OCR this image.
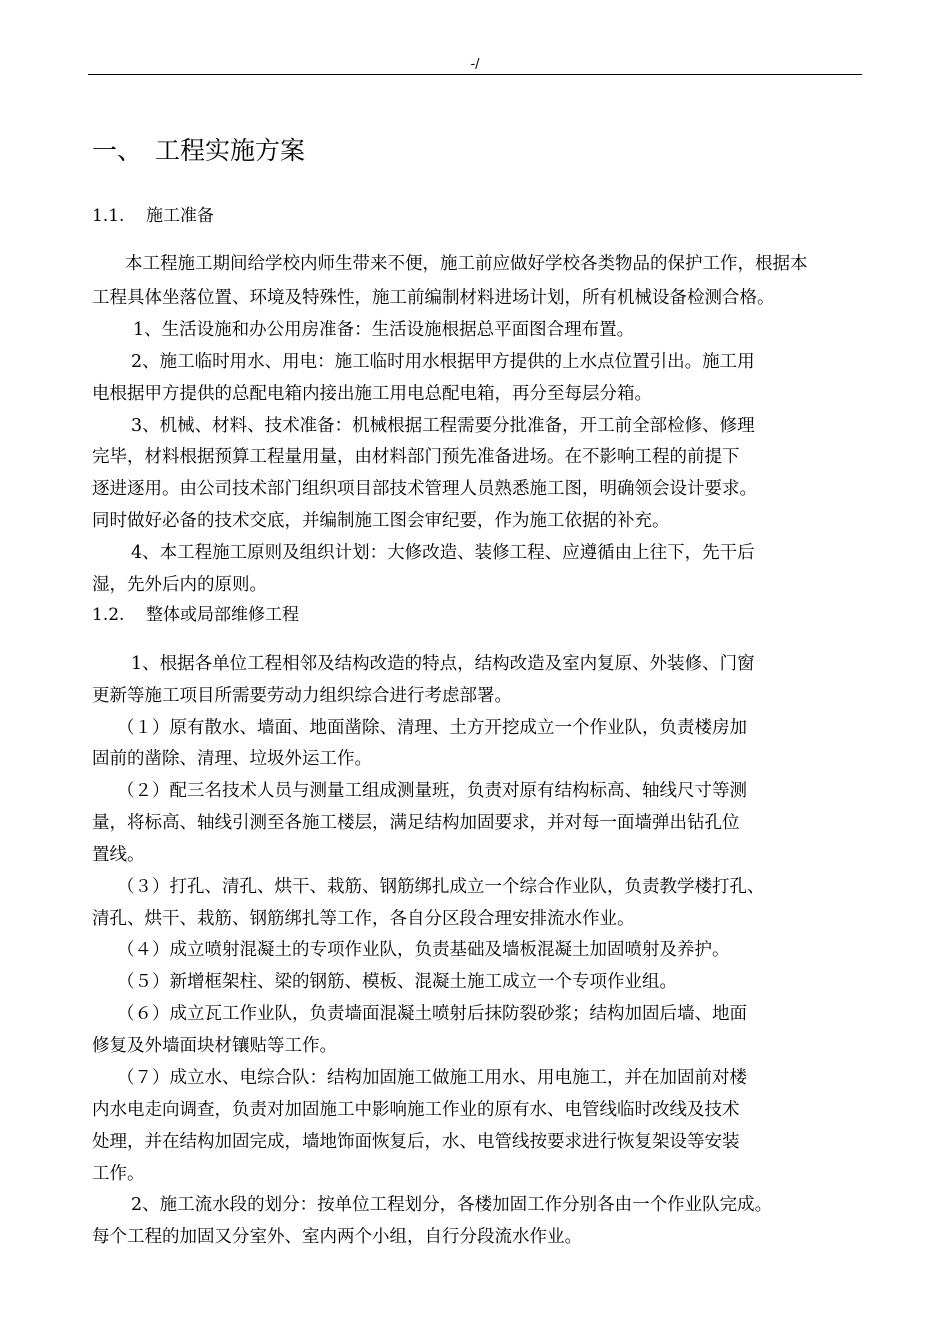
-/
一、 工程实施方案
1.1. 施工准备
本工程施工期间给学校内师生带来不便，施工前应做好学校各类物品的保护工作，根据本
工程具体坐落位置、环境及特殊性，施工前编制材料进场计划，所有机械设备检测合格。
1、生活设施和办公用房准备：生活设施根据总平面图合理布置。
2、施工临时用水、用电：施工临时用水根据甲方提供的上水点位置引出。施工用
电根据甲方提供的总配电箱内接出施工用电总配电箱，再分至每层分箱。
3、机械、材料、技术准备：机械根据工程需要分批准备，开工前全部检修、修理
完毕，材料根据预算工程量用量，由材料部门预先准备进场。在不影响工程的前提下
逐进逐用。由公司技术部门组织项目部技术管理人员熟悉施工图，明确领会设计要求。
同时做好必备的技术交底，并编制施工图会审纪要，作为施工依据的补充。
4、本工程施工原则及组织计划：大修改造、装修工程、应遵循由上往下，先干后
湿，先外后内的原则。
1.2. 整体或局部维修工程
1、根据各单位工程相邻及结构改造的特点，结构改造及室内复原、外装修、门窗
更新等施工项目所需要劳动力组织综合进行考虑部署。
（１）原有散水、墙面、地面凿除、清理、土方开挖成立一个作业队，负责楼房加
固前的凿除、清理、垃圾外运工作。
（２）配三名技术人员与测量工组成测量班，负责对原有结构标高、轴线尺寸等测
量，将标高、轴线引测至各施工楼层，满足结构加固要求，并对每一面墙弹出钻孔位
置线。
（３）打孔、清孔、烘干、栽筋、钢筋绑扎成立一个综合作业队，负责教学楼打孔、
清孔、烘干、栽筋、钢筋绑扎等工作，各自分区段合理安排流水作业。
（４）成立喷射混凝土的专项作业队，负责基础及墙板混凝土加固喷射及养护。
（５）新增框架柱、梁的钢筋、模板、混凝土施工成立一个专项作业组。
（６）成立瓦工作业队，负责墙面混凝土喷射后抹防裂砂浆；结构加固后墙、地面
修复及外墙面块材镶贴等工作。
（７）成立水、电综合队：结构加固施工做施工用水、用电施工，并在加固前对楼
内水电走向调查，负责对加固施工中影响施工作业的原有水、电管线临时改线及技术
处理，并在结构加固完成，墙地饰面恢复后，水、电管线按要求进行恢复架设等安装
工作。
2、施工流水段的划分：按单位工程划分，各楼加固工作分别各由一个作业队完成。
每个工程的加固又分室外、室内两个小组，自行分段流水作业。
